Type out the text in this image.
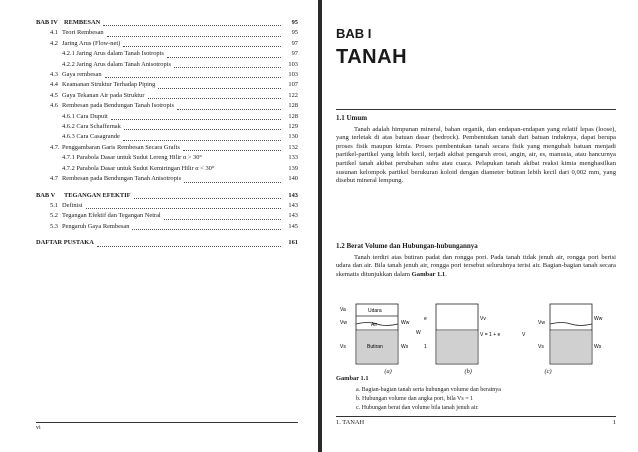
BAB IV REMBESAN	95
4.1 Teori Rembesan	95
4.2 Jaring Arus (Flow-net)	97
4.2.1 Jaring Arus dalam Tanah Isotropis	97
4.2.2 Jaring Arus dalam Tanah Anisotropis	103
4.3 Gaya rembesan	103
4.4 Keamanan Struktur Terhadap Piping	107
4.5 Gaya Tekanan Air pada Struktur	122
4.6 Rembesan pada Bendungan Tanah Isotropis	128
4.6.1 Cara Dupuit	128
4.6.2 Cara Schaffernak	129
4.6.3 Cara Casagrande	130
4.7. Penggambaran Garis Rembesan Secara Grafis	132
4.7.1 Parabola Dasar untuk Sudut Lereng Hilir α > 30°	133
4.7.2 Parabola Dasar untuk Sudut Kemiringan Hilir α < 30°	139
4.7 Rembesan pada Bendungan Tanah Anisotropis	140
BAB V	TEGANGAN EFEKTIF	143
5.1 Definisi	143
5.2 Tegangan Efektif dan Tegangan Netral	143
5.3 Pengaruh Gaya Rembesan	145
DAFTAR PUSTAKA	161
vi
BAB I
TANAH
1.1 Umum
Tanah adalah himpunan mineral, bahan organik, dan endapan-endapan yang relatif lepas (loose), yang terletak di atas batuan dasar (bedrock). Pembentukan tanah dari batuan induknya, dapat berupa proses fisik maupun kimia. Proses pembentukan tanah secara fisik yang mengubah batuan menjadi partikel-partikel yang lebih kecil, terjadi akibat pengaruh erosi, angin, air, es, manusia, atau hancurnya partikel tanah akibat perubahan suhu atau cuaca. Pelapukan tanah akibat reaksi kimia menghasilkan susunan kelompok partikel berukuran koloid dengan diameter butiran lebih kecil dari 0,002 mm, yang disebut mineral lempung.
1.2 Berat Volume dan Hubungan-hubungannya
Tanah terdiri atas butiran padat dan rongga pori. Pada tanah tidak jenuh air, rongga pori berisi udara dan air. Bila tanah jenuh air, rongga pori tersebut seluruhnya terisi air. Bagian-bagian tanah secara skematis ditunjukkan dalam Gambar 1.1.
Udara
Air
Butiran
Va
Vw
Vs
Ww
Ws
W
e
1
Vv
V = 1 + e
Vw
Vs
Ww
Ws
V
(a)	(b)	(c)
Gambar 1.1
a. Bagian-bagian tanah serta hubungan volume dan beratnya
b. Hubungan volume dan angka pori, bila Vs = 1
c. Hubungan berat dan volume bila tanah jenuh air.
1. TANAH	1
